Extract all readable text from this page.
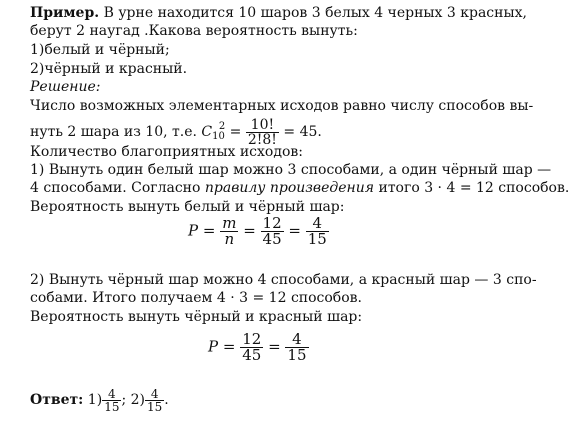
Пример. В урне находится 10 шаров 3 белых 4 черных 3 красных,
берут 2 наугад .Какова вероятность вынуть:
1)белый и чёрный;
2)чёрный и красный.
Решение:
Число возможных элементарных исходов равно числу способов вы-
нуть 2 шара из 10, т.е. $C_{10}^2 = \frac{10!}{2!8!} = 45$.
Количество благоприятных исходов:
1) Вынуть один белый шар можно 3 способами, а один чёрный шар —
4 способами. Согласно правилу произведения итого 3 · 4 = 12 способов.
Вероятность вынуть белый и чёрный шар:
$P = \frac{m}{n} = \frac{12}{45} = \frac{4}{15}$
2) Вынуть чёрный шар можно 4 способами, а красный шар — 3 спо-
собами. Итого получаем 4 · 3 = 12 способов.
Вероятность вынуть чёрный и красный шар:
$P = \frac{12}{45} = \frac{4}{15}$
Ответ: $1) \frac{4}{15}$ ; $2) \frac{4}{15}$ .
